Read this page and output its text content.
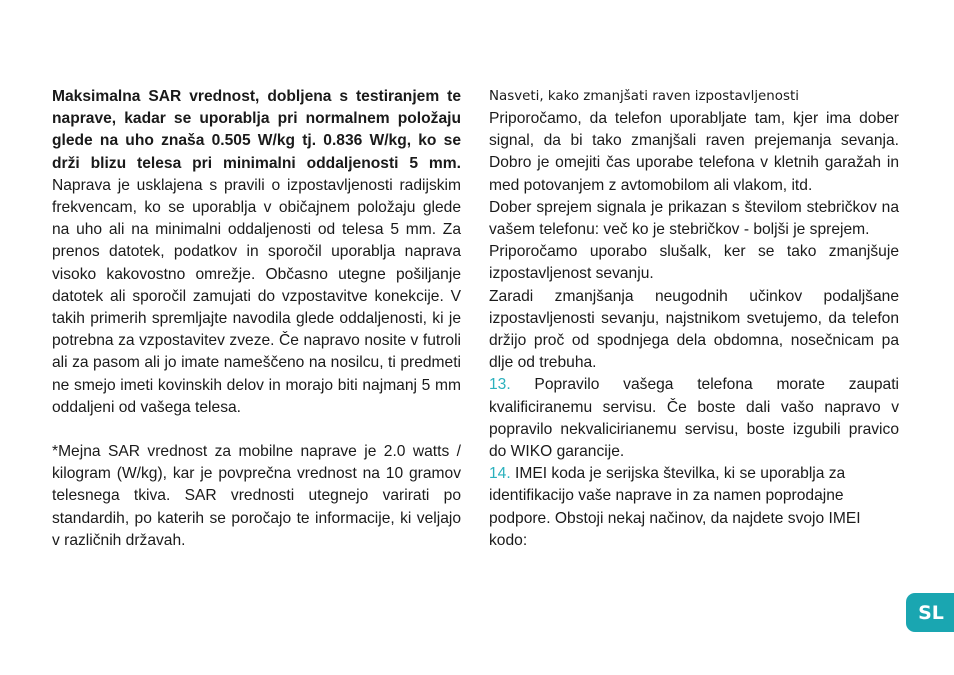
Maksimalna SAR vrednost, dobljena s testiranjem te naprave, kadar se uporablja pri normalnem položaju glede na uho znaša 0.505 W/kg tj. 0.836 W/kg, ko se drži blizu telesa pri minimalni oddaljenosti 5 mm. Naprava je usklajena s pravili o izpostavljenosti radijskim frekvencam, ko se uporablja v običajnem položaju glede na uho ali na minimalni oddaljenosti od telesa 5 mm. Za prenos datotek, podatkov in sporočil uporablja naprava visoko kakovostno omrežje. Občasno utegne pošiljanje datotek ali sporočil zamujati do vzpostavitve konekcije. V takih primerih spremljajte navodila glede oddaljenosti, ki je potrebna za vzpostavitev zveze. Če napravo nosite v futroli ali za pasom ali jo imate nameščeno na nosilcu, ti predmeti ne smejo imeti kovinskih delov in morajo biti najmanj 5 mm oddaljeni od vašega telesa.

*Mejna SAR vrednost za mobilne naprave je 2.0 watts / kilogram (W/kg), kar je povprečna vrednost na 10 gramov telesnega tkiva. SAR vrednosti utegnejo varirati po standardih, po katerih se poročajo te informacije, ki veljajo v različnih državah.

Nasveti, kako zmanjšati raven izpostavljenosti

Priporočamo, da telefon uporabljate tam, kjer ima dober signal, da bi tako zmanjšali raven prejemanja sevanja. Dobro je omejiti čas uporabe telefona v kletnih garažah in med potovanjem z avtomobilom ali vlakom, itd.

Dober sprejem signala je prikazan s številom stebričkov na vašem telefonu: več ko je stebričkov - boljši je sprejem.

Priporočamo uporabo slušalk, ker se tako zmanjšuje izpostavljenost sevanju.

Zaradi zmanjšanja neugodnih učinkov podaljšane izpostavljenosti sevanju, najstnikom svetujemo, da telefon držijo proč od spodnjega dela obdomna, nosečnicam pa dlje od trebuha.

13. Popravilo vašega telefona morate zaupati kvalificiranemu servisu. Če boste dali vašo napravo v popravilo nekvalicirianemu servisu, boste izgubili pravico do WIKO garancije.

14. IMEI koda je serijska številka, ki se uporablja za identifikacijo vaše naprave in za namen poprodajne podpore. Obstoji nekaj načinov, da najdete svojo IMEI kodo:

SL
